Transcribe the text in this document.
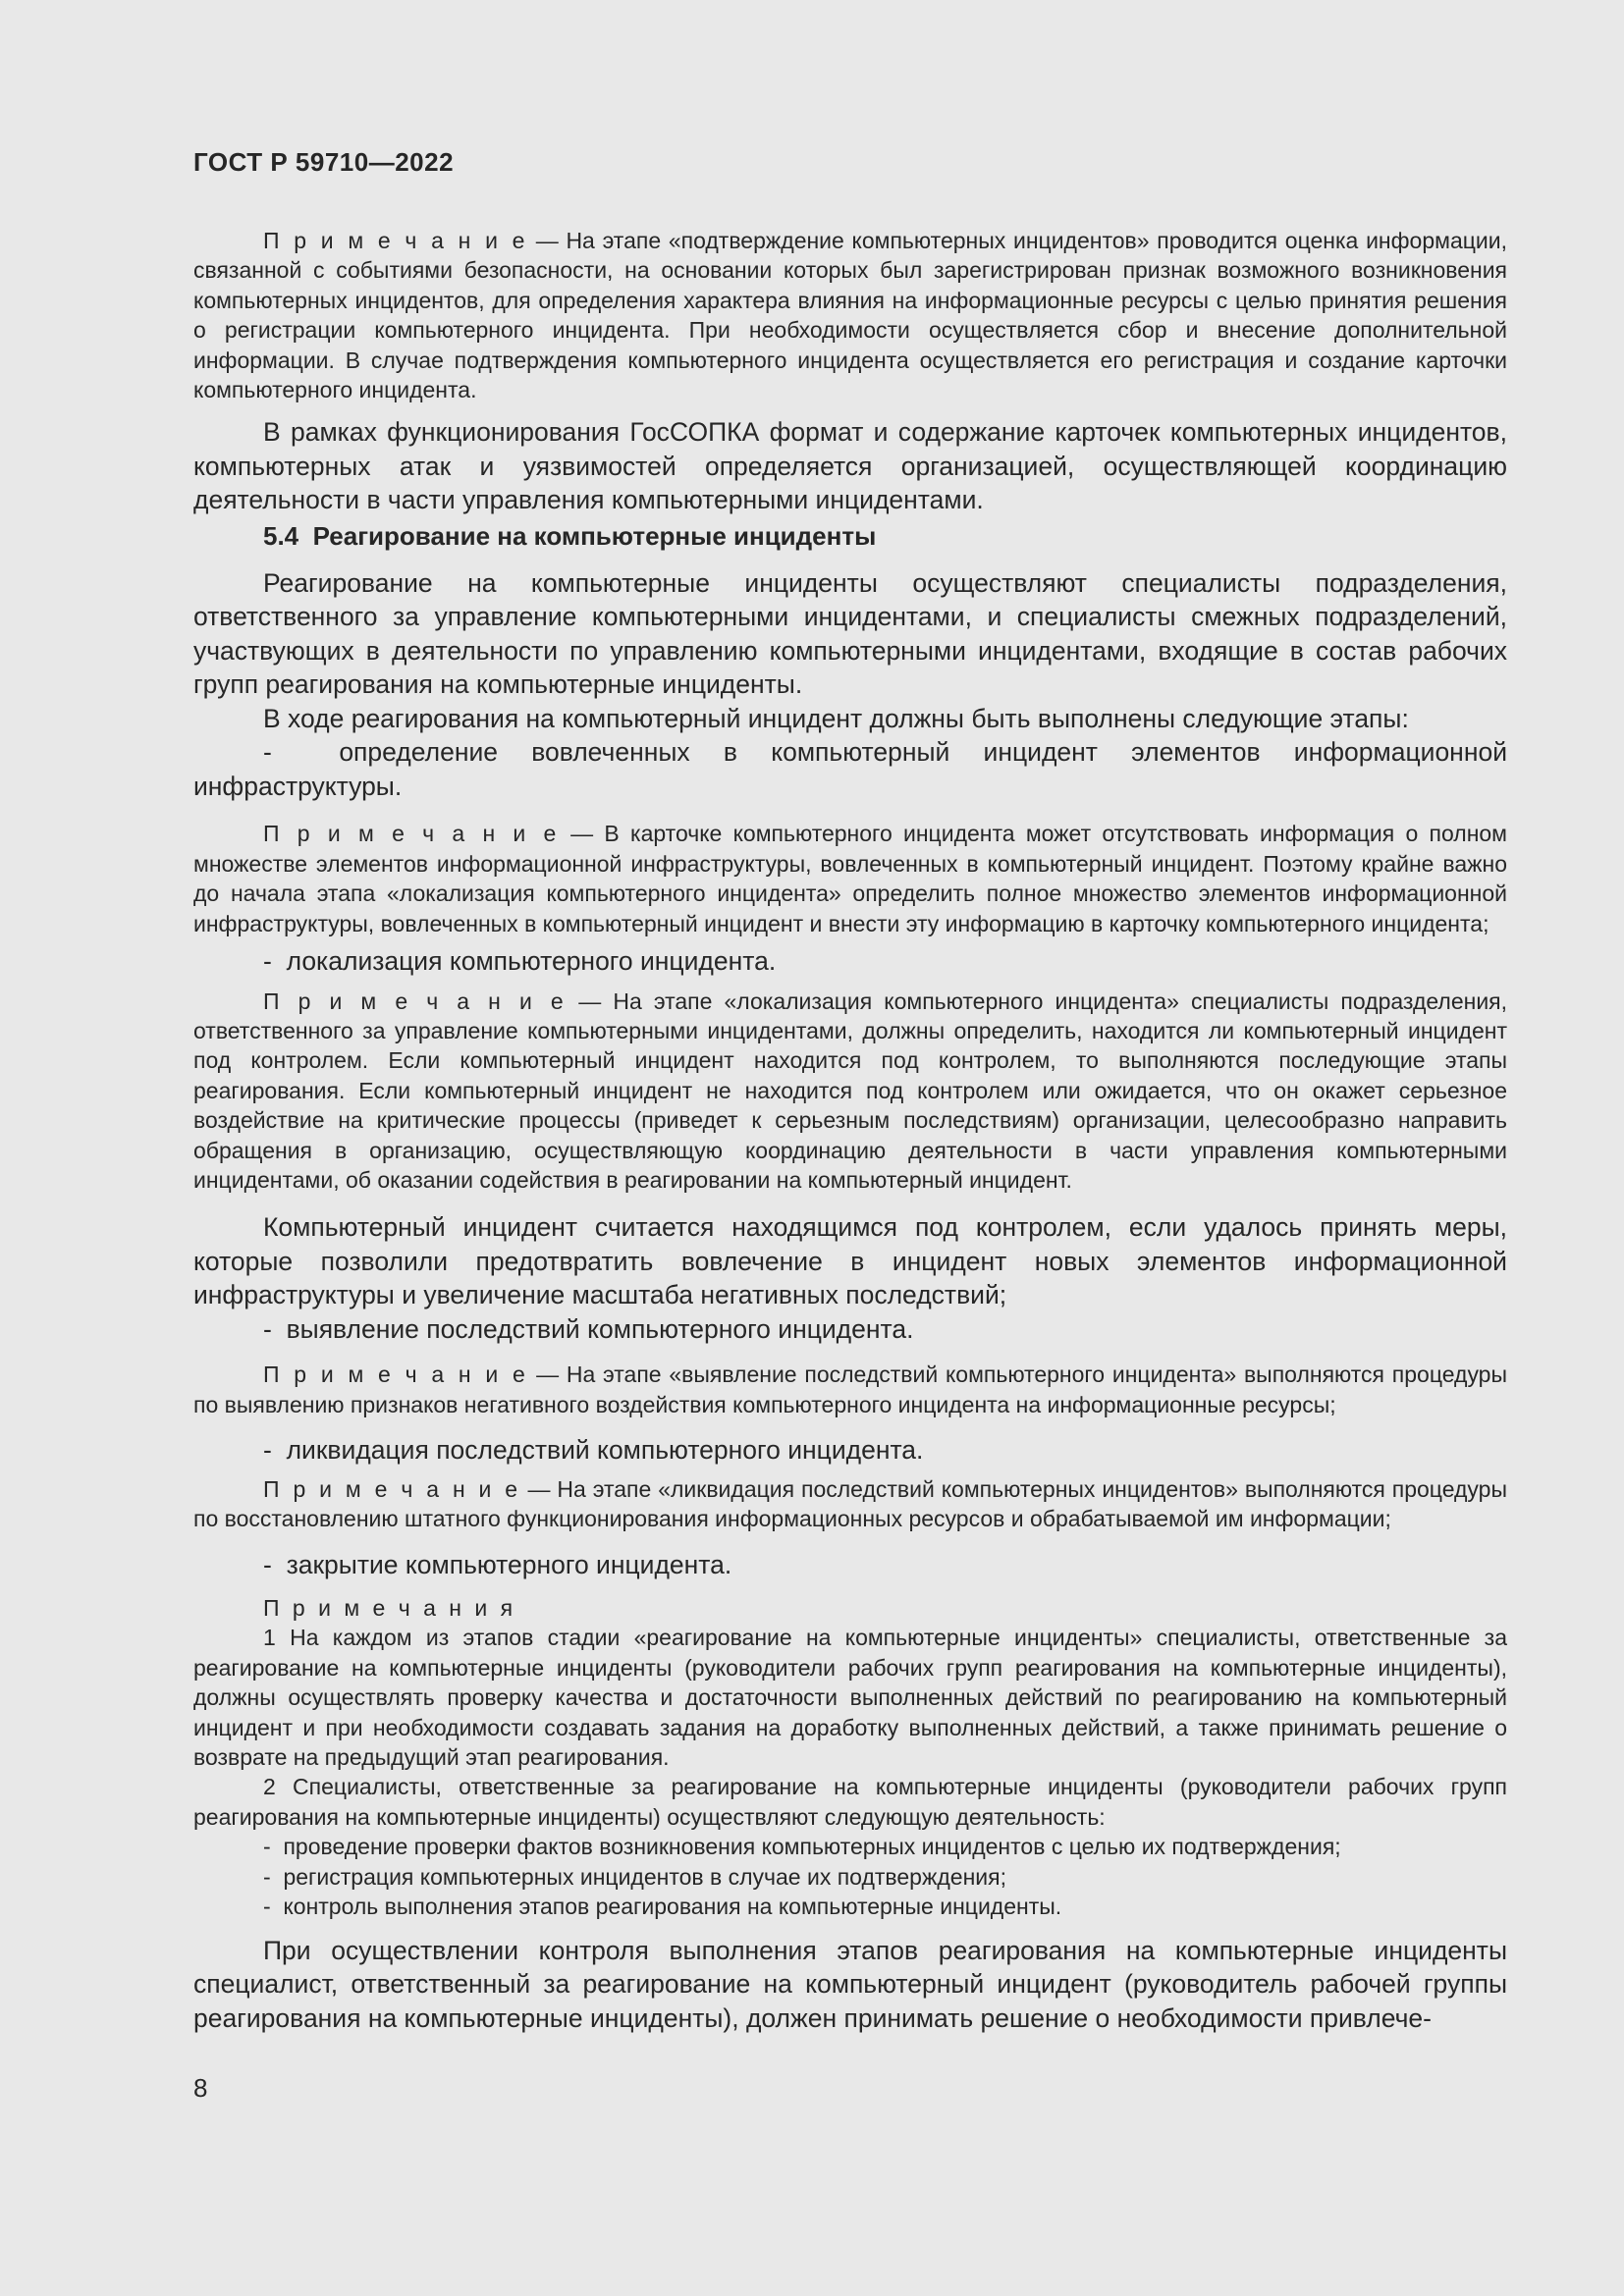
ГОСТ Р 59710—2022

П р и м е ч а н и е — На этапе «подтверждение компьютерных инцидентов» проводится оценка информации, связанной с событиями безопасности, на основании которых был зарегистрирован признак возможного возникновения компьютерных инцидентов, для определения характера влияния на информационные ресурсы с целью принятия решения о регистрации компьютерного инцидента. При необходимости осуществляется сбор и внесение дополнительной информации. В случае подтверждения компьютерного инцидента осуществляется его регистрация и создание карточки компьютерного инцидента.

В рамках функционирования ГосСОПКА формат и содержание карточек компьютерных инцидентов, компьютерных атак и уязвимостей определяется организацией, осуществляющей координацию деятельности в части управления компьютерными инцидентами.

5.4 Реагирование на компьютерные инциденты

Реагирование на компьютерные инциденты осуществляют специалисты подразделения, ответственного за управление компьютерными инцидентами, и специалисты смежных подразделений, участвующих в деятельности по управлению компьютерными инцидентами, входящие в состав рабочих групп реагирования на компьютерные инциденты.

В ходе реагирования на компьютерный инцидент должны быть выполнены следующие этапы:

-	определение вовлеченных в компьютерный инцидент элементов информационной инфраструктуры.

П р и м е ч а н и е — В карточке компьютерного инцидента может отсутствовать информация о полном множестве элементов информационной инфраструктуры, вовлеченных в компьютерный инцидент. Поэтому крайне важно до начала этапа «локализация компьютерного инцидента» определить полное множество элементов информационной инфраструктуры, вовлеченных в компьютерный инцидент и внести эту информацию в карточку компьютерного инцидента;

- локализация компьютерного инцидента.

П р и м е ч а н и е — На этапе «локализация компьютерного инцидента» специалисты подразделения, ответственного за управление компьютерными инцидентами, должны определить, находится ли компьютерный инцидент под контролем. Если компьютерный инцидент находится под контролем, то выполняются последующие этапы реагирования. Если компьютерный инцидент не находится под контролем или ожидается, что он окажет серьезное воздействие на критические процессы (приведет к серьезным последствиям) организации, целесообразно направить обращения в организацию, осуществляющую координацию деятельности в части управления компьютерными инцидентами, об оказании содействия в реагировании на компьютерный инцидент.

Компьютерный инцидент считается находящимся под контролем, если удалось принять меры, которые позволили предотвратить вовлечение в инцидент новых элементов информационной инфраструктуры и увеличение масштаба негативных последствий;

- выявление последствий компьютерного инцидента.

П р и м е ч а н и е — На этапе «выявление последствий компьютерного инцидента» выполняются процедуры по выявлению признаков негативного воздействия компьютерного инцидента на информационные ресурсы;

- ликвидация последствий компьютерного инцидента.

П р и м е ч а н и е — На этапе «ликвидация последствий компьютерных инцидентов» выполняются процедуры по восстановлению штатного функционирования информационных ресурсов и обрабатываемой им информации;

- закрытие компьютерного инцидента.

П р и м е ч а н и я

1 На каждом из этапов стадии «реагирование на компьютерные инциденты» специалисты, ответственные за реагирование на компьютерные инциденты (руководители рабочих групп реагирования на компьютерные инциденты), должны осуществлять проверку качества и достаточности выполненных действий по реагированию на компьютерный инцидент и при необходимости создавать задания на доработку выполненных действий, а также принимать решение о возврате на предыдущий этап реагирования.

2 Специалисты, ответственные за реагирование на компьютерные инциденты (руководители рабочих групп реагирования на компьютерные инциденты) осуществляют следующую деятельность:

- проведение проверки фактов возникновения компьютерных инцидентов с целью их подтверждения;

- регистрация компьютерных инцидентов в случае их подтверждения;

- контроль выполнения этапов реагирования на компьютерные инциденты.

При осуществлении контроля выполнения этапов реагирования на компьютерные инциденты специалист, ответственный за реагирование на компьютерный инцидент (руководитель рабочей группы реагирования на компьютерные инциденты), должен принимать решение о необходимости привлече-

8
